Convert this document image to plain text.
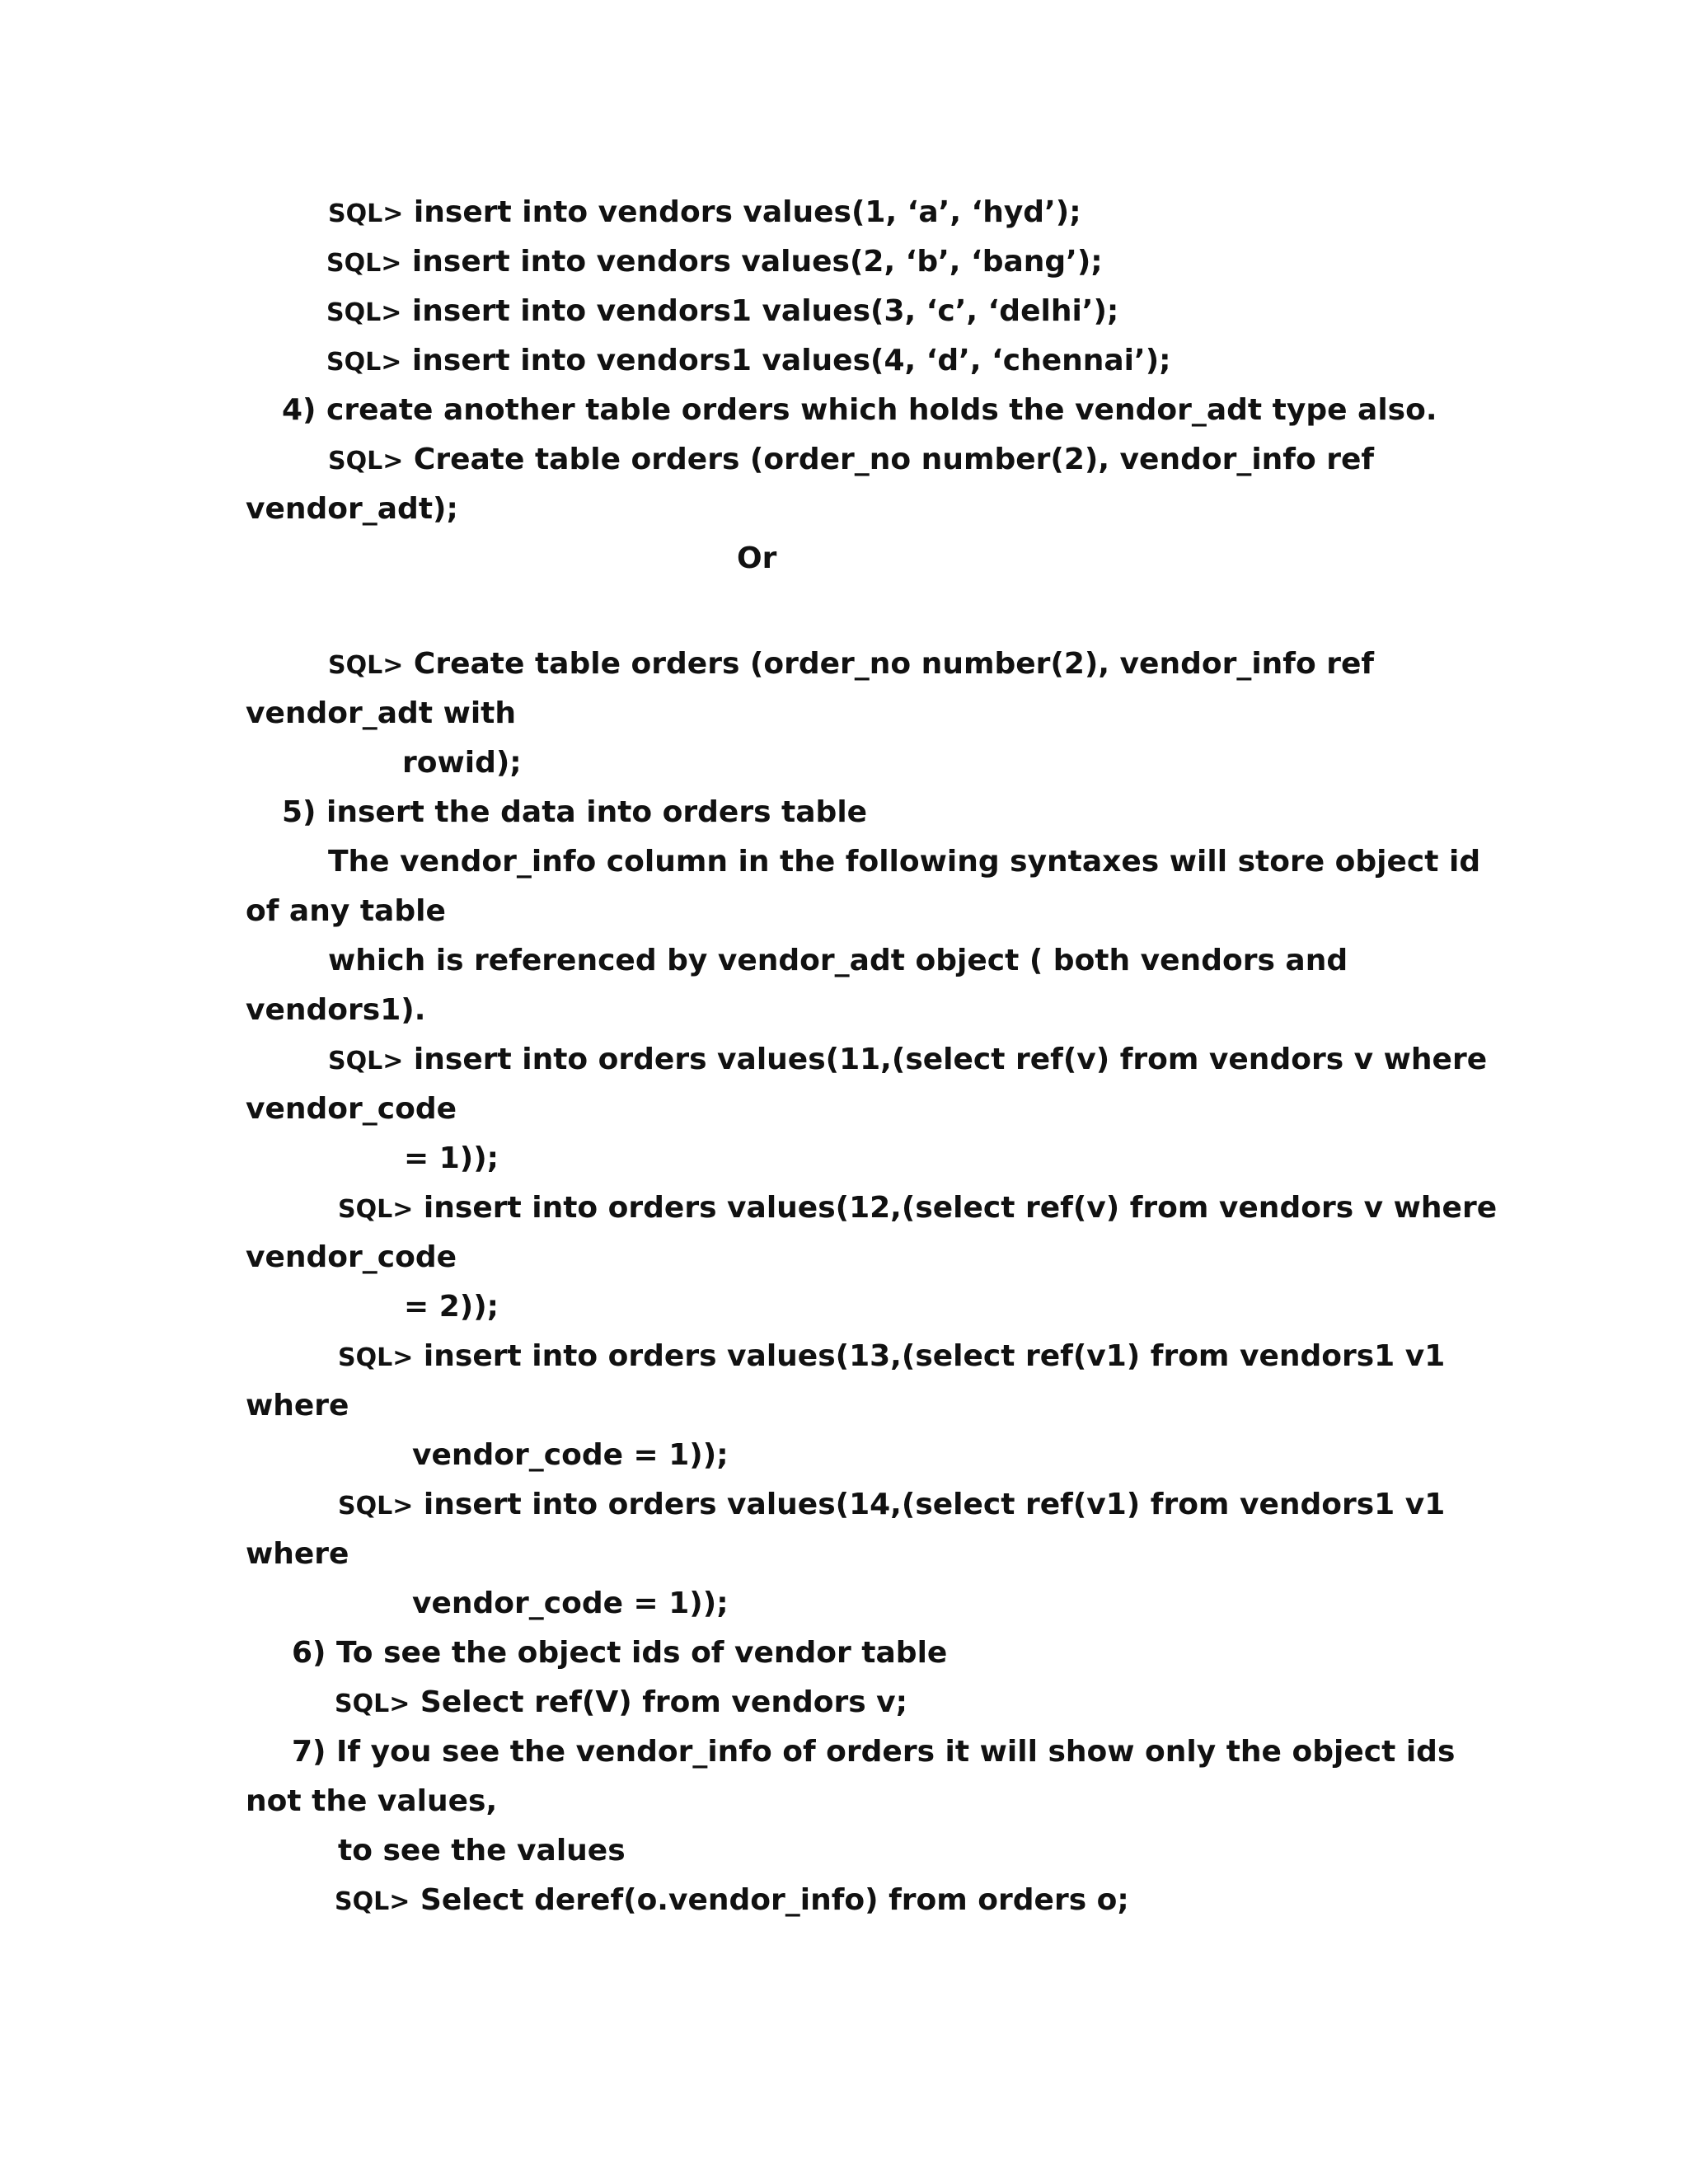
SQL> insert into vendors values(1, ‘a’, ‘hyd’);
SQL> insert into vendors values(2, ‘b’, ‘bang’);
SQL> insert into vendors1 values(3, ‘c’, ‘delhi’);
SQL> insert into vendors1 values(4, ‘d’, ‘chennai’);
4) create another table orders which holds the vendor_adt type also.
SQL> Create table orders (order_no number(2), vendor_info ref
vendor_adt);
Or
SQL> Create table orders (order_no number(2), vendor_info ref
vendor_adt with
rowid);
5) insert the data into orders table
The vendor_info column in the following syntaxes will store object id
of any table
which is referenced by vendor_adt object ( both vendors and
vendors1).
SQL> insert into orders values(11,(select ref(v) from vendors v where
vendor_code
= 1));
SQL> insert into orders values(12,(select ref(v) from vendors v where
vendor_code
= 2));
SQL> insert into orders values(13,(select ref(v1) from vendors1 v1
where
vendor_code = 1));
SQL> insert into orders values(14,(select ref(v1) from vendors1 v1
where
vendor_code = 1));
6) To see the object ids of vendor table
SQL> Select ref(V) from vendors v;
7) If you see the vendor_info of orders it will show only the object ids
not the values,
to see the values
SQL> Select deref(o.vendor_info) from orders o;
